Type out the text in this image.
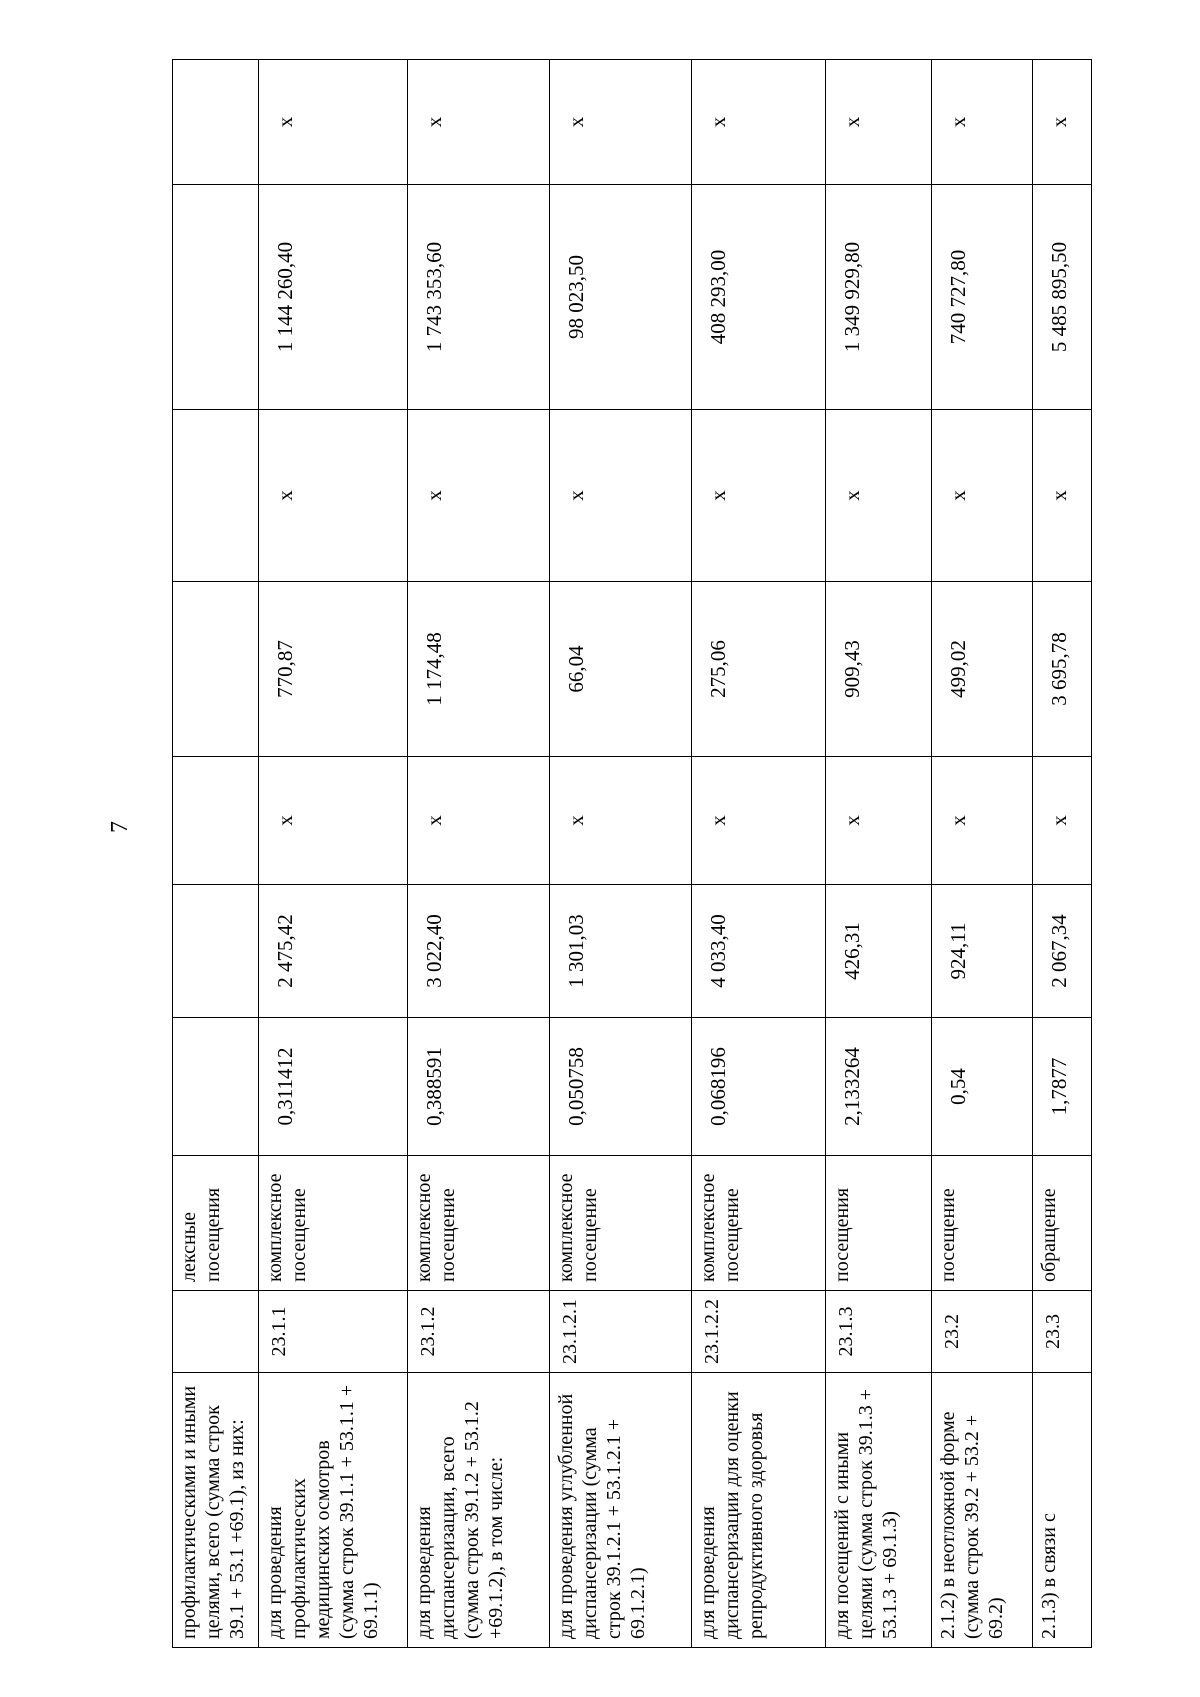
7
профилактическими и иными целями, всего (сумма строк 39.1 + 53.1 +69.1), из них:		лексные посещения							
для проведения профилактических медицинских осмотров (сумма строк 39.1.1 + 53.1.1 + 69.1.1)	23.1.1	комплексное посещение	0,311412	2 475,42	х	770,87	х	1 144 260,40	х
для проведения диспансеризации, всего (сумма строк 39.1.2 + 53.1.2 +69.1.2), в том числе:	23.1.2	комплексное посещение	0,388591	3 022,40	х	1 174,48	х	1 743 353,60	х
для проведения углубленной диспансеризации (сумма строк 39.1.2.1 + 53.1.2.1 + 69.1.2.1)	23.1.2.1	комплексное посещение	0,050758	1 301,03	х	66,04	х	98 023,50	х
для проведения диспансеризации для оценки репродуктивного здоровья	23.1.2.2	комплексное посещение	0,068196	4 033,40	х	275,06	х	408 293,00	х
для посещений с иными целями (сумма строк 39.1.3 + 53.1.3 + 69.1.3)	23.1.3	посещения	2,133264	426,31	х	909,43	х	1 349 929,80	х
2.1.2) в неотложной форме (сумма строк 39.2 + 53.2 + 69.2)	23.2	посещение	0,54	924,11	х	499,02	х	740 727,80	х
2.1.3) в связи с	23.3	обращение	1,7877	2 067,34	х	3 695,78	х	5 485 895,50	х
